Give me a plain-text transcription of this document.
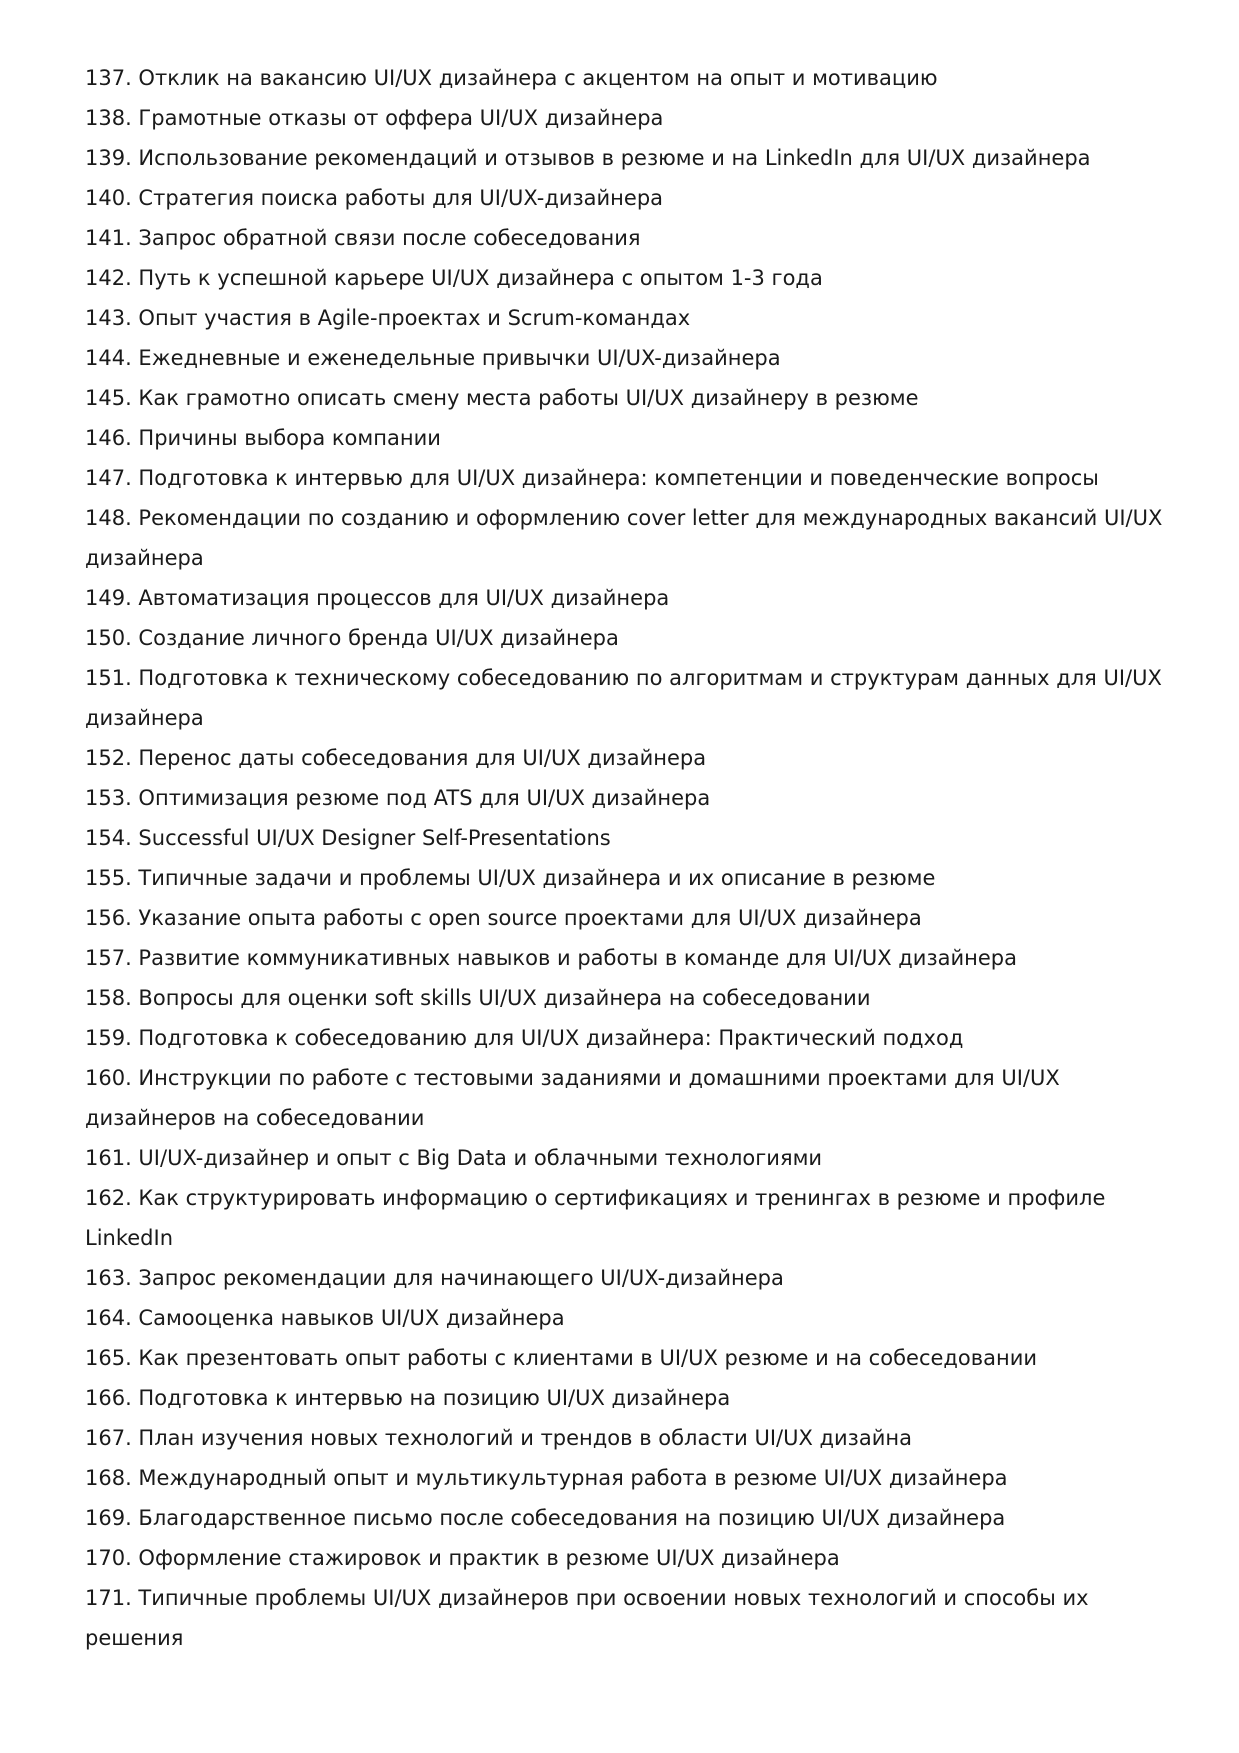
137. Отклик на вакансию UI/UX дизайнера с акцентом на опыт и мотивацию
138. Грамотные отказы от оффера UI/UX дизайнера
139. Использование рекомендаций и отзывов в резюме и на LinkedIn для UI/UX дизайнера
140. Стратегия поиска работы для UI/UX-дизайнера
141. Запрос обратной связи после собеседования
142. Путь к успешной карьере UI/UX дизайнера с опытом 1-3 года
143. Опыт участия в Agile-проектах и Scrum-командах
144. Ежедневные и еженедельные привычки UI/UX-дизайнера
145. Как грамотно описать смену места работы UI/UX дизайнеру в резюме
146. Причины выбора компании
147. Подготовка к интервью для UI/UX дизайнера: компетенции и поведенческие вопросы
148. Рекомендации по созданию и оформлению cover letter для международных вакансий UI/UX дизайнера
149. Автоматизация процессов для UI/UX дизайнера
150. Создание личного бренда UI/UX дизайнера
151. Подготовка к техническому собеседованию по алгоритмам и структурам данных для UI/UX дизайнера
152. Перенос даты собеседования для UI/UX дизайнера
153. Оптимизация резюме под ATS для UI/UX дизайнера
154. Successful UI/UX Designer Self-Presentations
155. Типичные задачи и проблемы UI/UX дизайнера и их описание в резюме
156. Указание опыта работы с open source проектами для UI/UX дизайнера
157. Развитие коммуникативных навыков и работы в команде для UI/UX дизайнера
158. Вопросы для оценки soft skills UI/UX дизайнера на собеседовании
159. Подготовка к собеседованию для UI/UX дизайнера: Практический подход
160. Инструкции по работе с тестовыми заданиями и домашними проектами для UI/UX дизайнеров на собеседовании
161. UI/UX-дизайнер и опыт с Big Data и облачными технологиями
162. Как структурировать информацию о сертификациях и тренингах в резюме и профиле LinkedIn
163. Запрос рекомендации для начинающего UI/UX-дизайнера
164. Самооценка навыков UI/UX дизайнера
165. Как презентовать опыт работы с клиентами в UI/UX резюме и на собеседовании
166. Подготовка к интервью на позицию UI/UX дизайнера
167. План изучения новых технологий и трендов в области UI/UX дизайна
168. Международный опыт и мультикультурная работа в резюме UI/UX дизайнера
169. Благодарственное письмо после собеседования на позицию UI/UX дизайнера
170. Оформление стажировок и практик в резюме UI/UX дизайнера
171. Типичные проблемы UI/UX дизайнеров при освоении новых технологий и способы их решения
